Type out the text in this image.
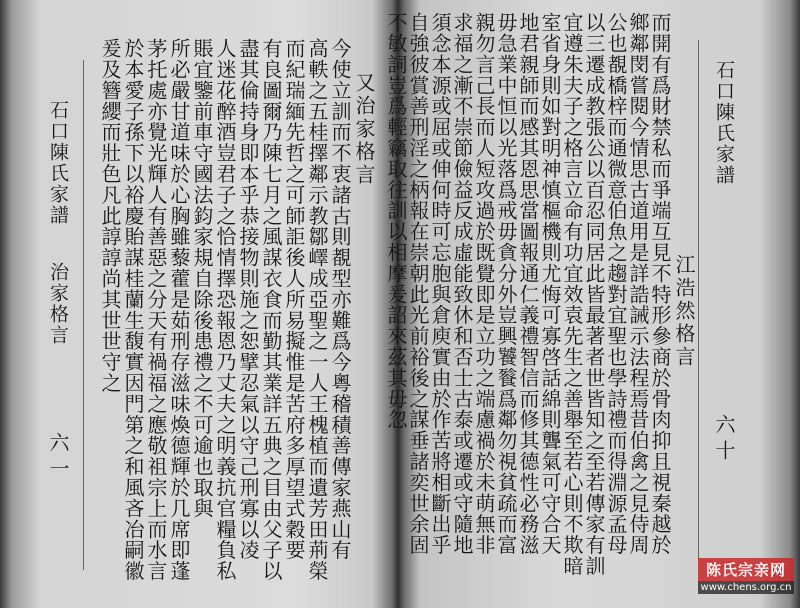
石口陳氏家譜
治家格言
六一
又治家格言
今使立訓而不衷諸古則覩型亦難爲今粵稽積善傳家燕山有
高軼之五桂擇鄰示教鄒嶧成亞聖之一人王槐植而遺芳田荊榮
而紀瑞緬先哲之可師詎後人所易擬惟是苦府多厚望式穀要
有良圖爾乃陳七月之風謀衣食而勤其業詳五典之目由父子以
盡其倫持身即本乎恭接物則施之恕擘忍氣以守己刑寡以凌
人迷花醉酒豈君子之恰情擇恐報恩乃丈夫之明義抗官糧負私
賬宜鑒前車守國法鈞家規自除後患禮之不可逾也取與
所必嚴甘道味於心胸雖藜藿是茹刑存滋味煥德輝於几席即蓬
茅托處亦覺光輝人有善惡之分天有禍福之應敬祖宗上而水言
於本愛子孫下以裕慶貽謀桂蘭生馥實因門第之和風吝冶嗣徽
爰及簪纓而壯色凡此諄諄尚其世世守之	石口陳氏家譜
六十
江浩然格言
而開有爲財禁私而爭端互見不特形參商於骨肉抑且視秦越於
鄉鄰閔嘗閱今情思古道用是詳誥誡示法程焉昔伯禽之見侍周
公也覩橋梓而通微意伯魚之趨對宜聖也學詩禮而得淵源孟母
以三遷成教張公以百忍同居此皆最著者世皆知之至若傳家有訓
宜遵朱夫子之格言立命有功宜效袁先生之善舉至若心則不欺暗
室省身則如對明神慎樞機則尤悔可寡啓話綿則聾氣可守合天
地君親師而感其恩思當圖報通仁義禮智信而修其德性必務滋
毋急業中恒以光落爲戒毋貪分外豈興饕餮爲鄰勿視貧疏而富
親勿言己長而人短攻過於既覺即是立功之端慮禍於未萌無非
求福之漸不崇節儉益反成虛能致休和否士古泰或遷或守隨地
須念本源或屈或伸何時可忘胞與倉庾實由於作苦將相斷出乎
自強彼賞善刑淫之柄報在崇朝此光前裕後之謀垂諸奕世余固
不敏詞豈爲輕竊取往訓以相摩爰詔來茲其毋忽
陈氏宗亲网
www.chens.org.cn
